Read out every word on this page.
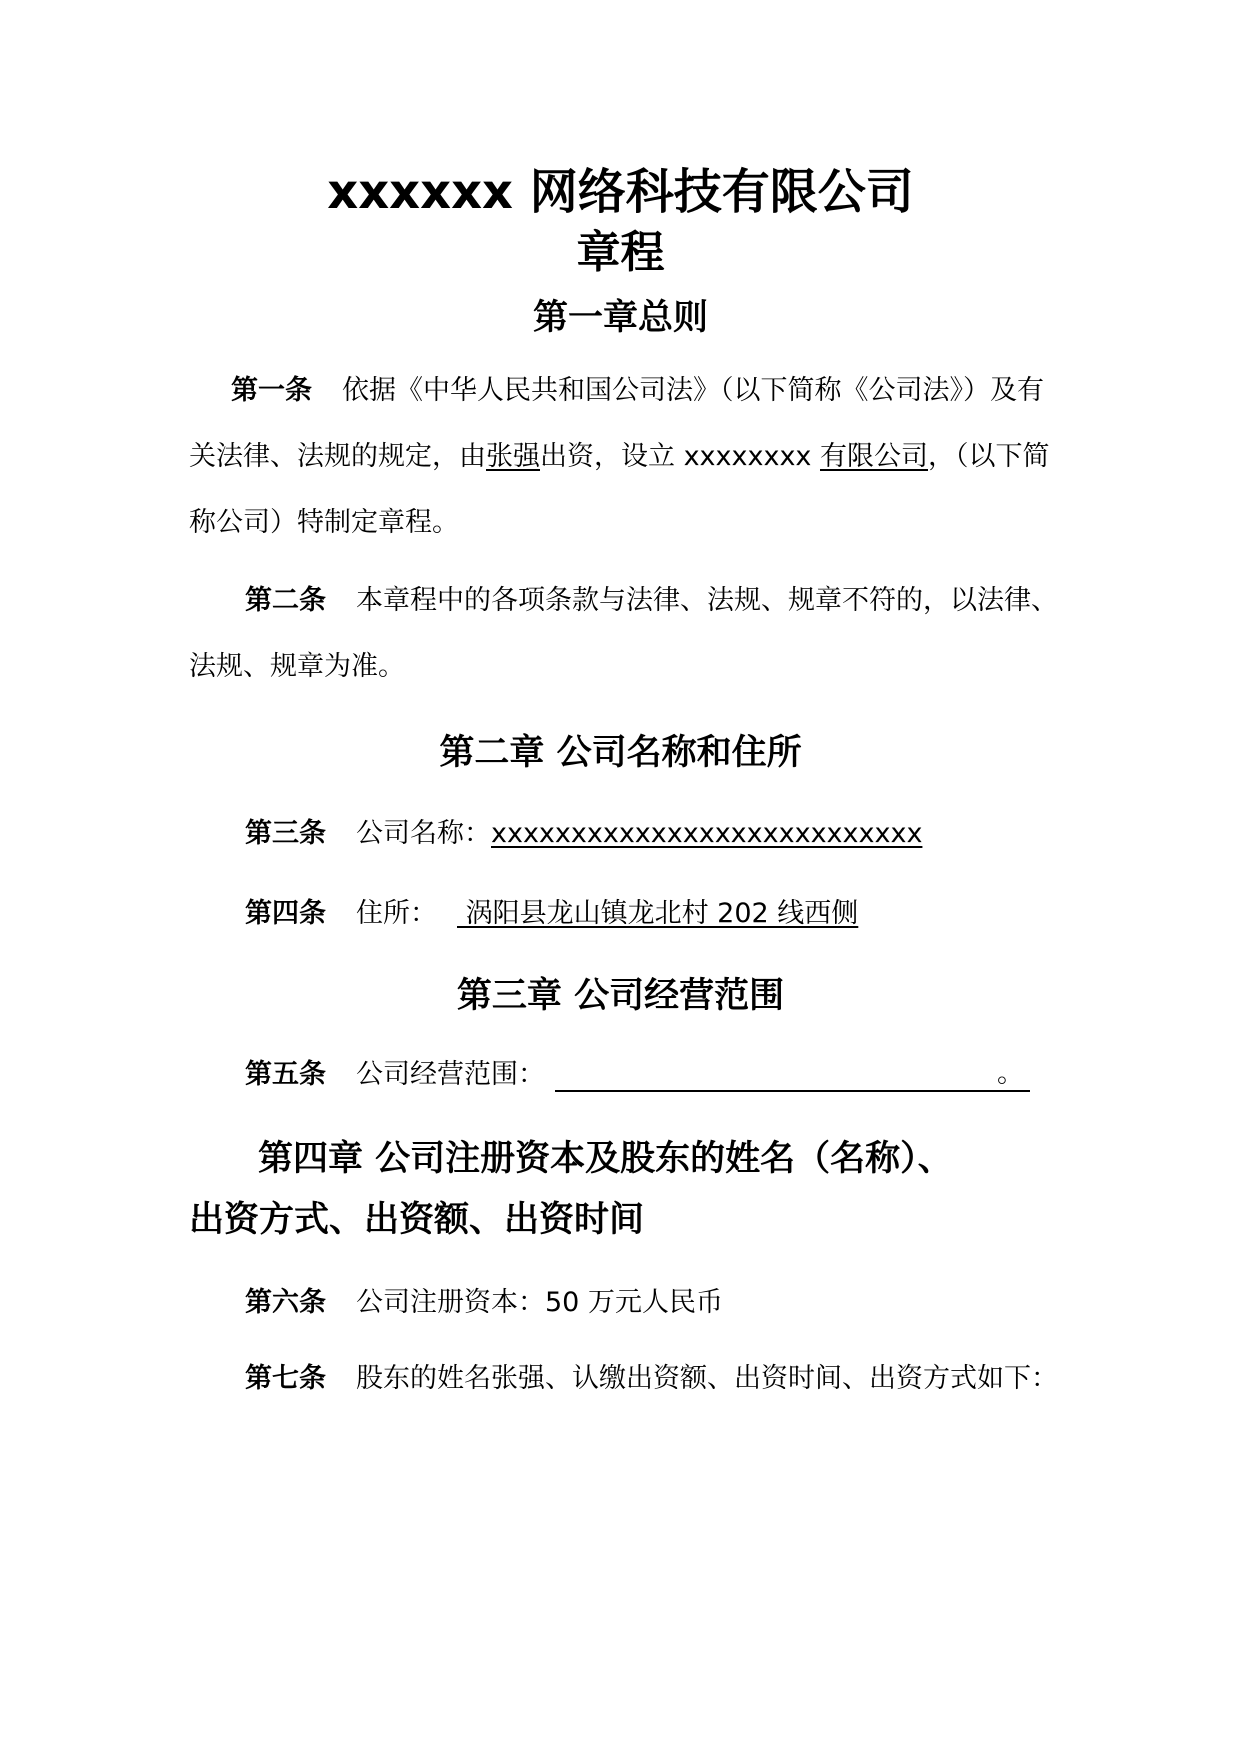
xxxxxx 网络科技有限公司
章程
第一章总则
第一条 依据《中华人民共和国公司法》（以下简称《公司法》）及有关法律、法规的规定，由张强出资，设立 xxxxxxxx 有限公司，（以下简称公司）特制定章程。
第二条 本章程中的各项条款与法律、法规、规章不符的，以法律、法规、规章为准。
第二章 公司名称和住所
第三条 公司名称：xxxxxxxxxxxxxxxxxxxxxxxxxxx
第四条 住所： 涡阳县龙山镇龙北村 202 线西侧
第三章 公司经营范围
第五条 公司经营范围：	。

第四章 公司注册资本及股东的姓名（名称）、
出资方式、出资额、出资时间
第六条 公司注册资本：50 万元人民币
第七条 股东的姓名张强、认缴出资额、出资时间、出资方式如下：
